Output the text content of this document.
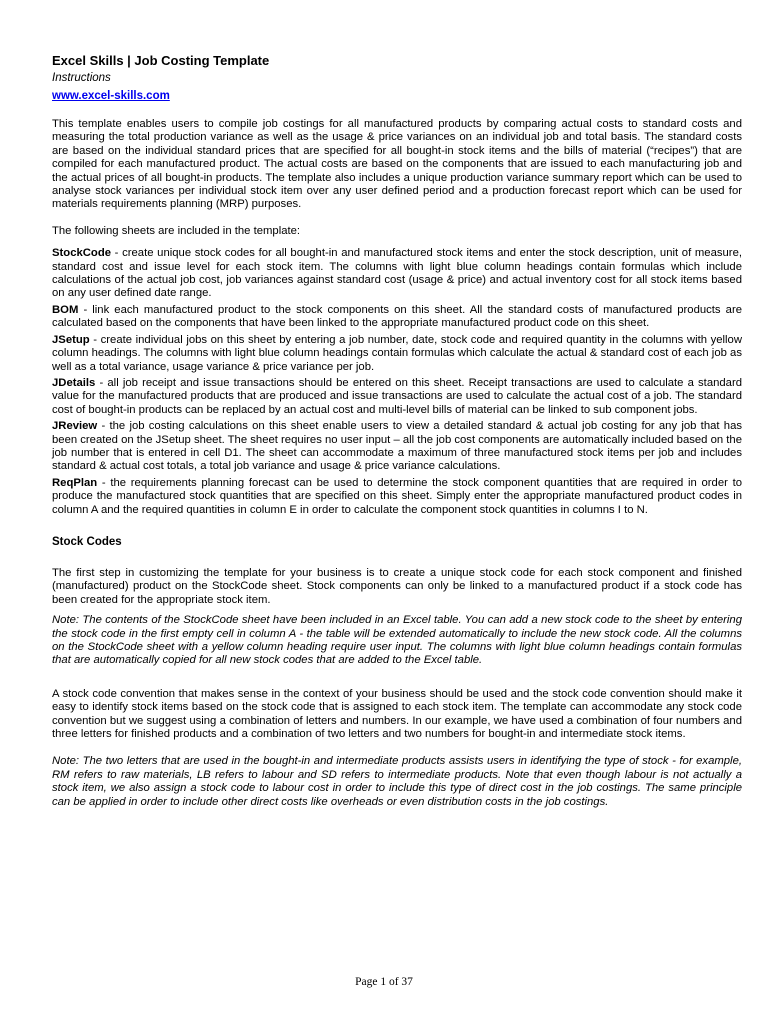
Excel Skills | Job Costing Template
Instructions
www.excel-skills.com

This template enables users to compile job costings for all manufactured products by comparing actual costs to standard costs and measuring the total production variance as well as the usage & price variances on an individual job and total basis. The standard costs are based on the individual standard prices that are specified for all bought-in stock items and the bills of material (“recipes”) that are compiled for each manufactured product. The actual costs are based on the components that are issued to each manufacturing job and the actual prices of all bought-in products. The template also includes a unique production variance summary report which can be used to analyse stock variances per individual stock item over any user defined period and a production forecast report which can be used for materials requirements planning (MRP) purposes.

The following sheets are included in the template:

StockCode - create unique stock codes for all bought-in and manufactured stock items and enter the stock description, unit of measure, standard cost and issue level for each stock item. The columns with light blue column headings contain formulas which include calculations of the actual job cost, job variances against standard cost (usage & price) and actual inventory cost for all stock items based on any user defined date range.

BOM - link each manufactured product to the stock components on this sheet. All the standard costs of manufactured products are calculated based on the components that have been linked to the appropriate manufactured product code on this sheet.

JSetup - create individual jobs on this sheet by entering a job number, date, stock code and required quantity in the columns with yellow column headings. The columns with light blue column headings contain formulas which calculate the actual & standard cost of each job as well as a total variance, usage variance & price variance per job.

JDetails - all job receipt and issue transactions should be entered on this sheet. Receipt transactions are used to calculate a standard value for the manufactured products that are produced and issue transactions are used to calculate the actual cost of a job. The standard cost of bought-in products can be replaced by an actual cost and multi-level bills of material can be linked to sub component jobs.

JReview - the job costing calculations on this sheet enable users to view a detailed standard & actual job costing for any job that has been created on the JSetup sheet. The sheet requires no user input – all the job cost components are automatically included based on the job number that is entered in cell D1. The sheet can accommodate a maximum of three manufactured stock items per job and includes standard & actual cost totals, a total job variance and usage & price variance calculations.

ReqPlan - the requirements planning forecast can be used to determine the stock component quantities that are required in order to produce the manufactured stock quantities that are specified on this sheet. Simply enter the appropriate manufactured product codes in column A and the required quantities in column E in order to calculate the component stock quantities in columns I to N.

Stock Codes

The first step in customizing the template for your business is to create a unique stock code for each stock component and finished (manufactured) product on the StockCode sheet. Stock components can only be linked to a manufactured product if a stock code has been created for the appropriate stock item.

Note: The contents of the StockCode sheet have been included in an Excel table. You can add a new stock code to the sheet by entering the stock code in the first empty cell in column A - the table will be extended automatically to include the new stock code. All the columns on the StockCode sheet with a yellow column heading require user input. The columns with light blue column headings contain formulas that are automatically copied for all new stock codes that are added to the Excel table.

A stock code convention that makes sense in the context of your business should be used and the stock code convention should make it easy to identify stock items based on the stock code that is assigned to each stock item. The template can accommodate any stock code convention but we suggest using a combination of letters and numbers. In our example, we have used a combination of four numbers and three letters for finished products and a combination of two letters and two numbers for bought-in and intermediate stock items.

Note: The two letters that are used in the bought-in and intermediate products assists users in identifying the type of stock - for example, RM refers to raw materials, LB refers to labour and SD refers to intermediate products. Note that even though labour is not actually a stock item, we also assign a stock code to labour cost in order to include this type of direct cost in the job costings. The same principle can be applied in order to include other direct costs like overheads or even distribution costs in the job costings.

Page 1 of 37
